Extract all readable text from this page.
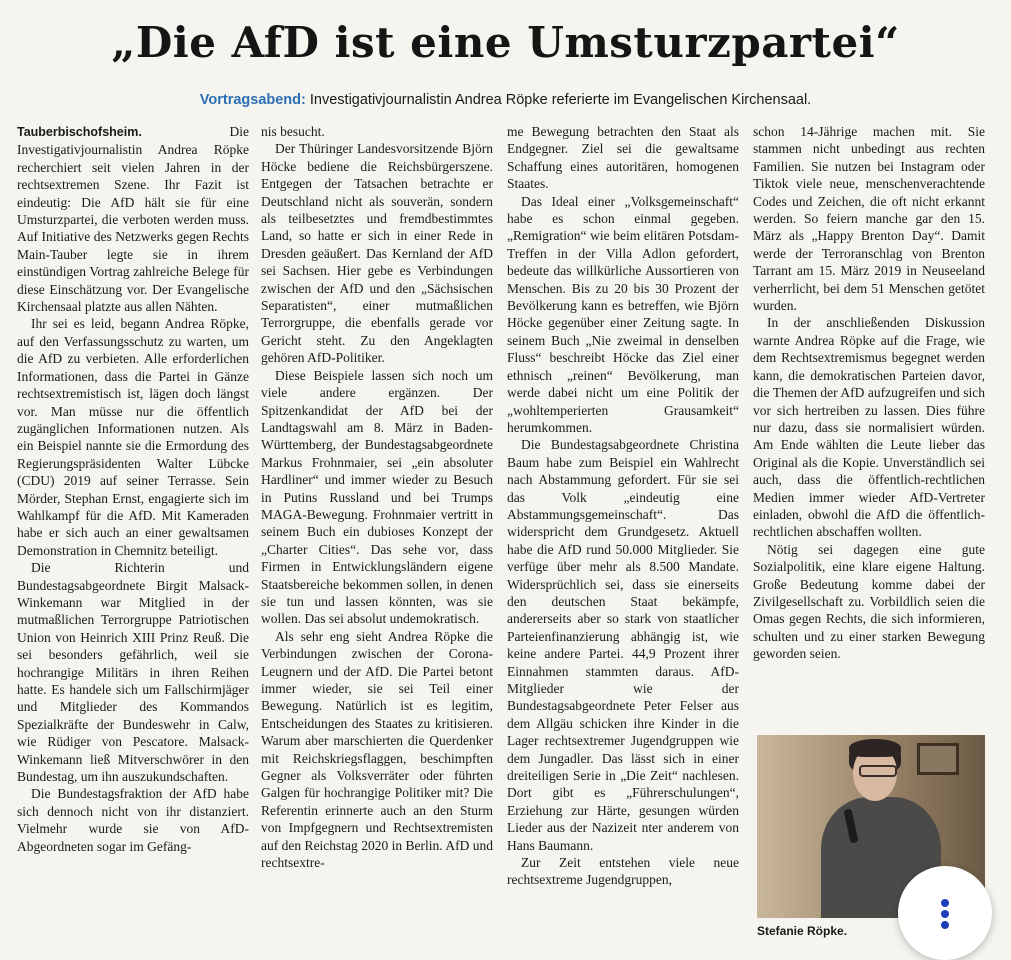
„Die AfD ist eine Umsturzpartei“
Vortragsabend: Investigativjournalistin Andrea Röpke referierte im Evangelischen Kirchensaal.

Tauberbischofsheim. Die Investigativjournalistin Andrea Röpke recherchiert seit vielen Jahren in der rechtsextremen Szene. Ihr Fazit ist eindeutig: Die AfD hält sie für eine Umsturzpartei, die verboten werden muss. Auf Initiative des Netzwerks gegen Rechts Main-Tauber legte sie in ihrem einstündigen Vortrag zahlreiche Belege für diese Einschätzung vor. Der Evangelische Kirchensaal platzte aus allen Nähten.

Ihr sei es leid, begann Andrea Röpke, auf den Verfassungsschutz zu warten, um die AfD zu verbieten. Alle erforderlichen Informationen, dass die Partei in Gänze rechtsextremistisch ist, lägen doch längst vor. Man müsse nur die öffentlich zugänglichen Informationen nutzen. Als ein Beispiel nannte sie die Ermordung des Regierungspräsidenten Walter Lübcke (CDU) 2019 auf seiner Terrasse. Sein Mörder, Stephan Ernst, engagierte sich im Wahlkampf für die AfD. Mit Kameraden habe er sich auch an einer gewaltsamen Demonstration in Chemnitz beteiligt.

Die Richterin und Bundestagsabgeordnete Birgit Malsack-Winkemann war Mitglied in der mutmaßlichen Terrorgruppe Patriotischen Union von Heinrich XIII Prinz Reuß. Die sei besonders gefährlich, weil sie hochrangige Militärs in ihren Reihen hatte. Es handele sich um Fallschirmjäger und Mitglieder des Kommandos Spezialkräfte der Bundeswehr in Calw, wie Rüdiger von Pescatore. Malsack-Winkemann ließ Mitverschwörer in den Bundestag, um ihn auszukundschaften.

Die Bundestagsfraktion der AfD habe sich dennoch nicht von ihr distanziert. Vielmehr wurde sie von AfD-Abgeordneten sogar im Gefäng-

nis besucht.

Der Thüringer Landesvorsitzende Björn Höcke bediene die Reichsbürgerszene. Entgegen der Tatsachen betrachte er Deutschland nicht als souverän, sondern als teilbesetztes und fremdbestimmtes Land, so hatte er sich in einer Rede in Dresden geäußert. Das Kernland der AfD sei Sachsen. Hier gebe es Verbindungen zwischen der AfD und den „Sächsischen Separatisten“, einer mutmaßlichen Terrorgruppe, die ebenfalls gerade vor Gericht steht. Zu den Angeklagten gehören AfD-Politiker.

Diese Beispiele lassen sich noch um viele andere ergänzen. Der Spitzenkandidat der AfD bei der Landtagswahl am 8. März in Baden-Württemberg, der Bundestagsabgeordnete Markus Frohnmaier, sei „ein absoluter Hardliner“ und immer wieder zu Besuch in Putins Russland und bei Trumps MAGA-Bewegung. Frohnmaier vertritt in seinem Buch ein dubioses Konzept der „Charter Cities“. Das sehe vor, dass Firmen in Entwicklungsländern eigene Staatsbereiche bekommen sollen, in denen sie tun und lassen könnten, was sie wollen. Das sei absolut undemokratisch.

Als sehr eng sieht Andrea Röpke die Verbindungen zwischen der Corona-Leugnern und der AfD. Die Partei betont immer wieder, sie sei Teil einer Bewegung. Natürlich ist es legitim, Entscheidungen des Staates zu kritisieren. Warum aber marschierten die Querdenker mit Reichskriegsflaggen, beschimpften Gegner als Volksverräter oder führten Galgen für hochrangige Politiker mit? Die Referentin erinnerte auch an den Sturm von Impfgegnern und Rechtsextremisten auf den Reichstag 2020 in Berlin. AfD und rechtsextre-

me Bewegung betrachten den Staat als Endgegner. Ziel sei die gewaltsame Schaffung eines autoritären, homogenen Staates.

Das Ideal einer „Volksgemeinschaft“ habe es schon einmal gegeben. „Remigration“ wie beim elitären Potsdam-Treffen in der Villa Adlon gefordert, bedeute das willkürliche Aussortieren von Menschen. Bis zu 20 bis 30 Prozent der Bevölkerung kann es betreffen, wie Björn Höcke gegenüber einer Zeitung sagte. In seinem Buch „Nie zweimal in denselben Fluss“ beschreibt Höcke das Ziel einer ethnisch „reinen“ Bevölkerung, man werde dabei nicht um eine Politik der „wohltemperierten Grausamkeit“ herumkommen.

Die Bundestagsabgeordnete Christina Baum habe zum Beispiel ein Wahlrecht nach Abstammung gefordert. Für sie sei das Volk „eindeutig eine Abstammungsgemeinschaft“. Das widerspricht dem Grundgesetz. Aktuell habe die AfD rund 50.000 Mitglieder. Sie verfüge über mehr als 8.500 Mandate. Widersprüchlich sei, dass sie einerseits den deutschen Staat bekämpfe, andererseits aber so stark von staatlicher Parteienfinanzierung abhängig ist, wie keine andere Partei. 44,9 Prozent ihrer Einnahmen stammten daraus. AfD-Mitglieder wie der Bundestagsabgeordnete Peter Felser aus dem Allgäu schicken ihre Kinder in die Lager rechtsextremer Jugendgruppen wie dem Jungadler. Das lässt sich in einer dreiteiligen Serie in „Die Zeit“ nachlesen. Dort gibt es „Führerschulungen“, Erziehung zur Härte, gesungen würden Lieder aus der Nazizeit nter anderem von Hans Baumann.

Zur Zeit entstehen viele neue rechtsextreme Jugendgruppen,

schon 14-Jährige machen mit. Sie stammen nicht unbedingt aus rechten Familien. Sie nutzen bei Instagram oder Tiktok viele neue, menschenverachtende Codes und Zeichen, die oft nicht erkannt werden. So feiern manche gar den 15. März als „Happy Brenton Day“. Damit werde der Terroranschlag von Brenton Tarrant am 15. März 2019 in Neuseeland verherrlicht, bei dem 51 Menschen getötet wurden.

In der anschließenden Diskussion warnte Andrea Röpke auf die Frage, wie dem Rechtsextremismus begegnet werden kann, die demokratischen Parteien davor, die Themen der AfD aufzugreifen und sich vor sich hertreiben zu lassen. Dies führe nur dazu, dass sie normalisiert würden. Am Ende wählten die Leute lieber das Original als die Kopie. Unverständlich sei auch, dass die öffentlich-rechtlichen Medien immer wieder AfD-Vertreter einladen, obwohl die AfD die öffentlich-rechtlichen abschaffen wollten.

Nötig sei dagegen eine gute Sozialpolitik, eine klare eigene Haltung. Große Bedeutung komme dabei der Zivilgesellschaft zu. Vorbildlich seien die Omas gegen Rechts, die sich informieren, schulten und zu einer starken Bewegung geworden seien.

Stefanie Röpke.
